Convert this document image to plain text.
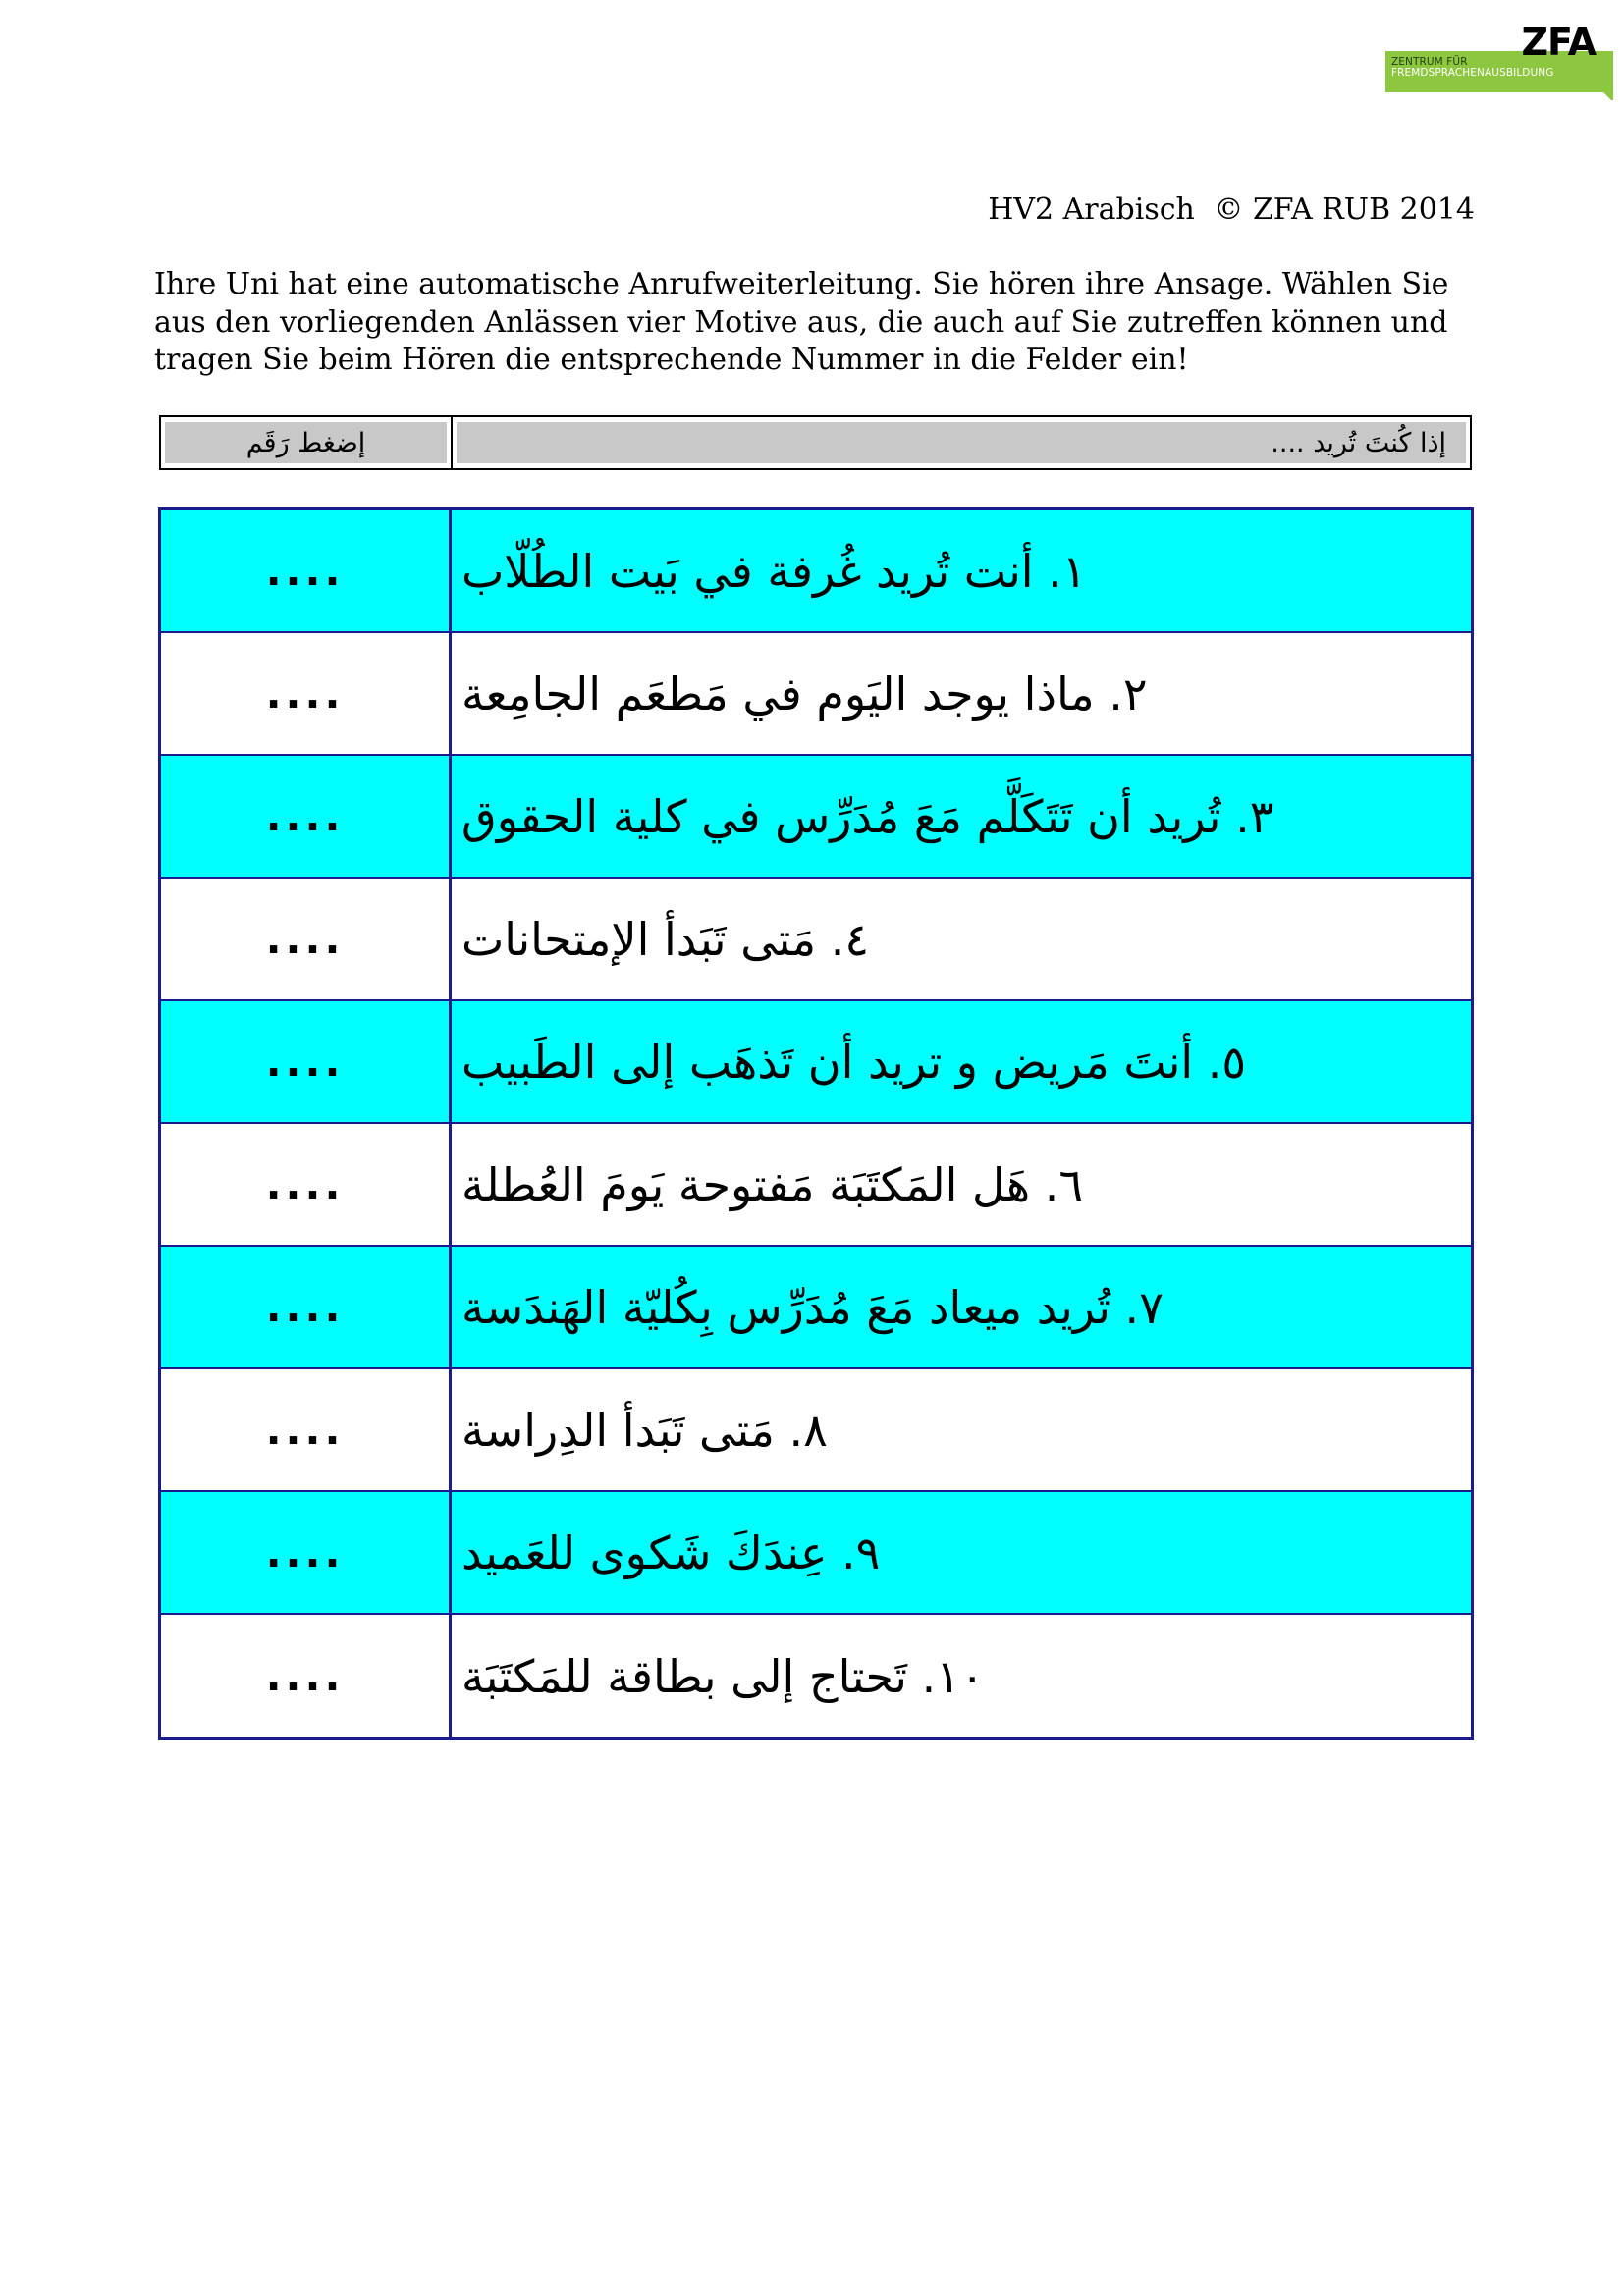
ZFA
ZENTRUM FÜR
FREMDSPRACHENAUSBILDUNG
HV2 Arabisch © ZFA RUB 2014
Ihre Uni hat eine automatische Anrufweiterleitung. Sie hören ihre Ansage. Wählen Sie aus den vorliegenden Anlässen vier Motive aus, die auch auf Sie zutreffen können und tragen Sie beim Hören die entsprechende Nummer in die Felder ein!
إضغط رَقَم	إذا كُنتَ تُريد ....
....	١. أنت تُريد غُرفة في بَيت الطُلّاب
....	٢. ماذا يوجد اليَوم في مَطعَم الجامِعة
....	٣. تُريد أن تَتَكَلَّم مَعَ مُدَرِّس في كلية الحقوق
....	٤. مَتى تَبَدأ الإمتحانات
....	٥. أنتَ مَريض و تريد أن تَذهَب إلى الطَبيب
....	٦. هَل المَكتَبَة مَفتوحة يَومَ العُطلة
....	٧. تُريد ميعاد مَعَ مُدَرِّس بِكُليّة الهَندَسة
....	٨. مَتى تَبَدأ الدِراسة
....	٩. عِندَكَ شَكوى للعَميد
....	١٠. تَحتاج إلى بطاقة للمَكتَبَة
